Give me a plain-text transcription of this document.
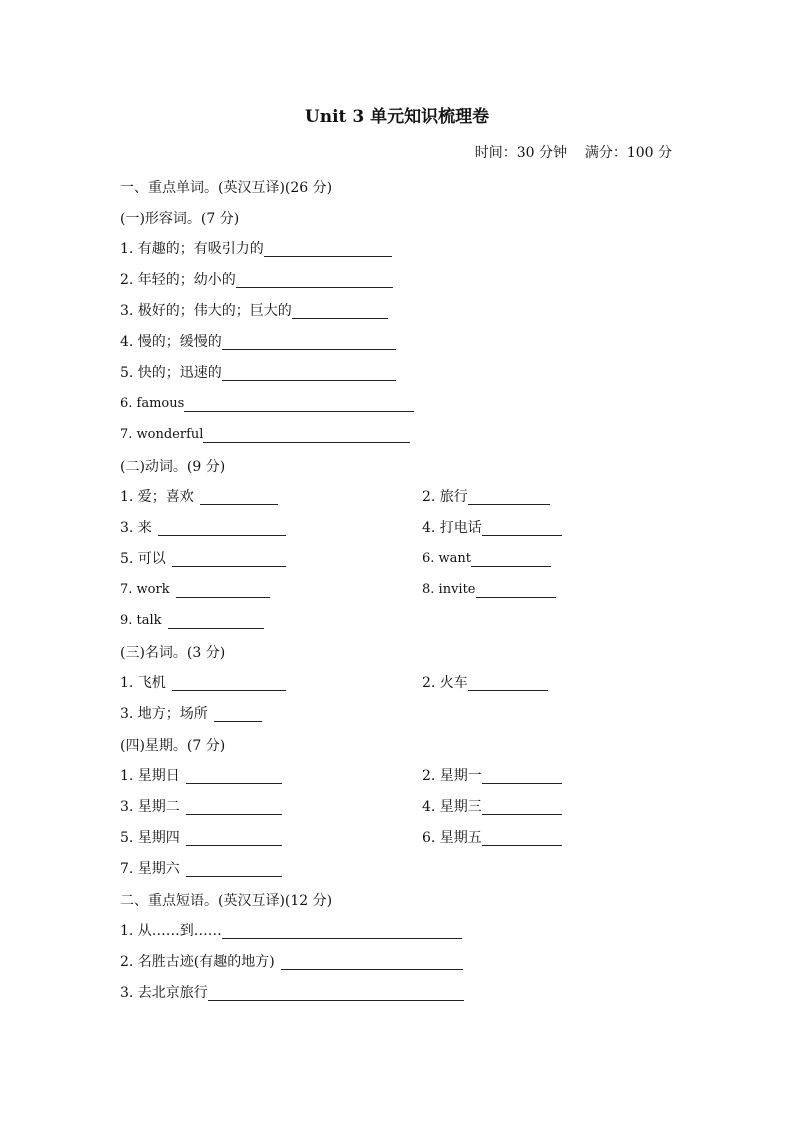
Unit 3 单元知识梳理卷
时间：30 分钟    满分：100 分
一、重点单词。(英汉互译)(26 分)
(一)形容词。(7 分)
1. 有趣的；有吸引力的
2. 年轻的；幼小的
3. 极好的；伟大的；巨大的
4. 慢的；缓慢的
5. 快的；迅速的
6. famous
7. wonderful
(二)动词。(9 分)
1. 爱；喜欢	2. 旅行
3. 来	4. 打电话
5. 可以	6. want
7. work	8. invite
9. talk
(三)名词。(3 分)
1. 飞机	2. 火车
3. 地方；场所
(四)星期。(7 分)
1. 星期日	2. 星期一
3. 星期二	4. 星期三
5. 星期四	6. 星期五
7. 星期六
二、重点短语。(英汉互译)(12 分)
1. 从……到……
2. 名胜古迹(有趣的地方)
3. 去北京旅行
